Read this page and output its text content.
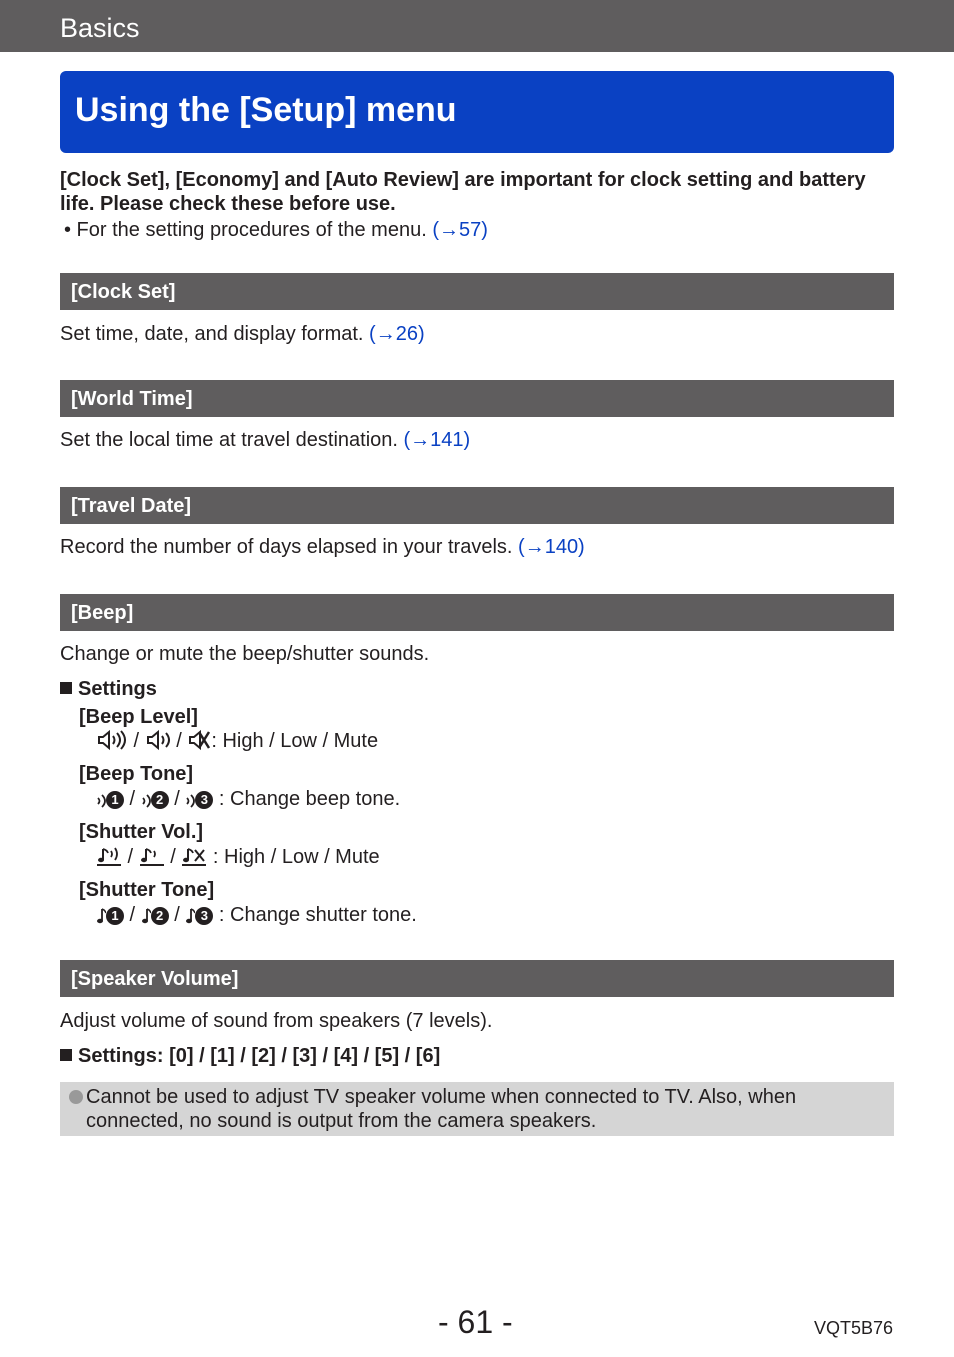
Basics
Using the [Setup] menu
[Clock Set], [Economy] and [Auto Review] are important for clock setting and battery life. Please check these before use.
• For the setting procedures of the menu. (→57)
[Clock Set]
Set time, date, and display format. (→26)
[World Time]
Set the local time at travel destination. (→141)
[Travel Date]
Record the number of days elapsed in your travels. (→140)
[Beep]
Change or mute the beep/shutter sounds.
Settings
[Beep Level]
/  / : High / Low / Mute
[Beep Tone]
1 / 2 / 3 : Change beep tone.
[Shutter Vol.]
/  /  : High / Low / Mute
[Shutter Tone]
1 / 2 / 3 : Change shutter tone.
[Speaker Volume]
Adjust volume of sound from speakers (7 levels).
Settings: [0] / [1] / [2] / [3] / [4] / [5] / [6]
Cannot be used to adjust TV speaker volume when connected to TV. Also, when connected, no sound is output from the camera speakers.
- 61 -	VQT5B76
